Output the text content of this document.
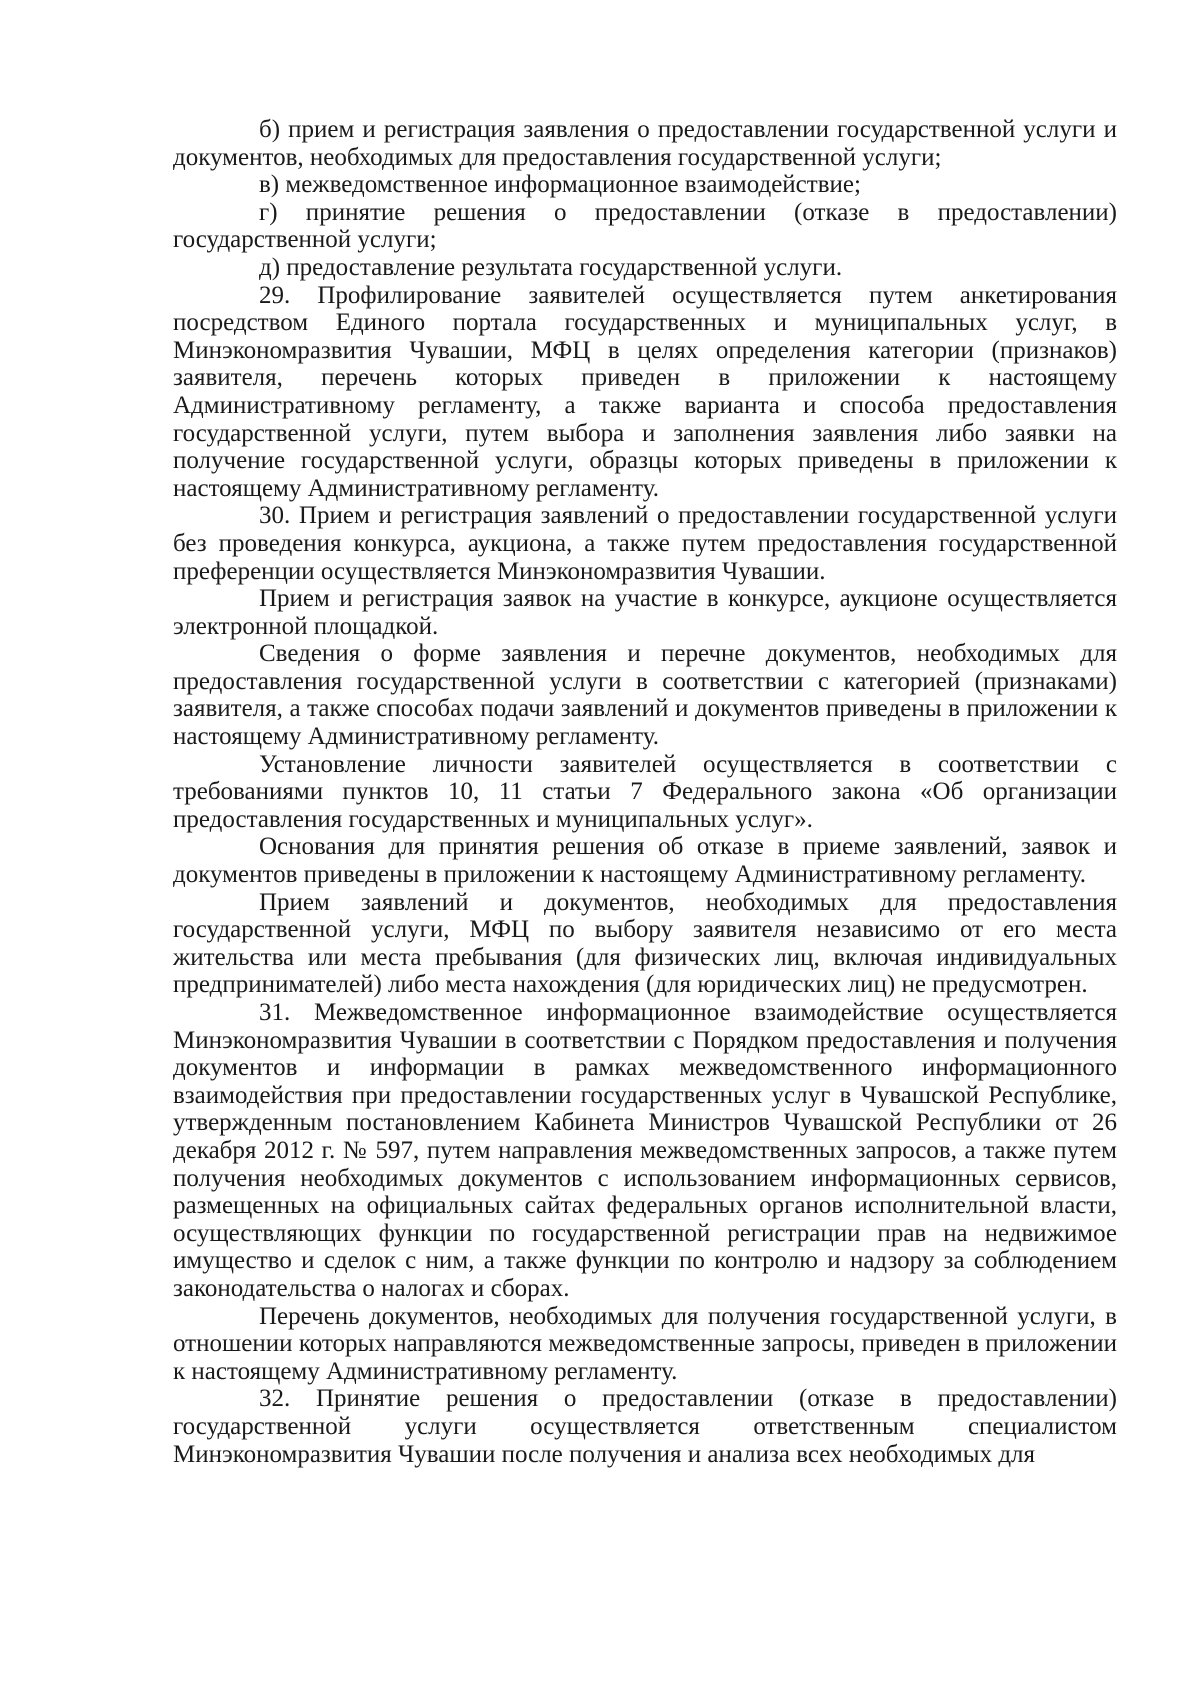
б) прием и регистрация заявления о предоставлении государственной услуги и документов, необходимых для предоставления государственной услуги;

в) межведомственное информационное взаимодействие;

г) принятие решения о предоставлении (отказе в предоставлении) государственной услуги;

д) предоставление результата государственной услуги.

29. Профилирование заявителей осуществляется путем анкетирования посредством Единого портала государственных и муниципальных услуг, в Минэкономразвития Чувашии, МФЦ в целях определения категории (признаков) заявителя, перечень которых приведен в приложении к настоящему Административному регламенту, а также варианта и способа предоставления государственной услуги, путем выбора и заполнения заявления либо заявки на получение государственной услуги, образцы которых приведены в приложении к настоящему Административному регламенту.

30. Прием и регистрация заявлений о предоставлении государственной услуги без проведения конкурса, аукциона, а также путем предоставления государственной преференции осуществляется Минэкономразвития Чувашии.

Прием и регистрация заявок на участие в конкурсе, аукционе осуществляется электронной площадкой.

Сведения о форме заявления и перечне документов, необходимых для предоставления государственной услуги в соответствии с категорией (признаками) заявителя, а также способах подачи заявлений и документов приведены в приложении к настоящему Административному регламенту.

Установление личности заявителей осуществляется в соответствии с требованиями пунктов 10, 11 статьи 7 Федерального закона «Об организации предоставления государственных и муниципальных услуг».

Основания для принятия решения об отказе в приеме заявлений, заявок и документов приведены в приложении к настоящему Административному регламенту.

Прием заявлений и документов, необходимых для предоставления государственной услуги, МФЦ по выбору заявителя независимо от его места жительства или места пребывания (для физических лиц, включая индивидуальных предпринимателей) либо места нахождения (для юридических лиц) не предусмотрен.

31. Межведомственное информационное взаимодействие осуществляется Минэкономразвития Чувашии в соответствии с Порядком предоставления и получения документов и информации в рамках межведомственного информационного взаимодействия при предоставлении государственных услуг в Чувашской Республике, утвержденным постановлением Кабинета Министров Чувашской Республики от 26 декабря 2012 г. № 597, путем направления межведомственных запросов, а также путем получения необходимых документов с использованием информационных сервисов, размещенных на официальных сайтах федеральных органов исполнительной власти, осуществляющих функции по государственной регистрации прав на недвижимое имущество и сделок с ним, а также функции по контролю и надзору за соблюдением законодательства о налогах и сборах.

Перечень документов, необходимых для получения государственной услуги, в отношении которых направляются межведомственные запросы, приведен в приложении к настоящему Административному регламенту.

32. Принятие решения о предоставлении (отказе в предоставлении) государственной услуги осуществляется ответственным специалистом Минэкономразвития Чувашии после получения и анализа всех необходимых для
